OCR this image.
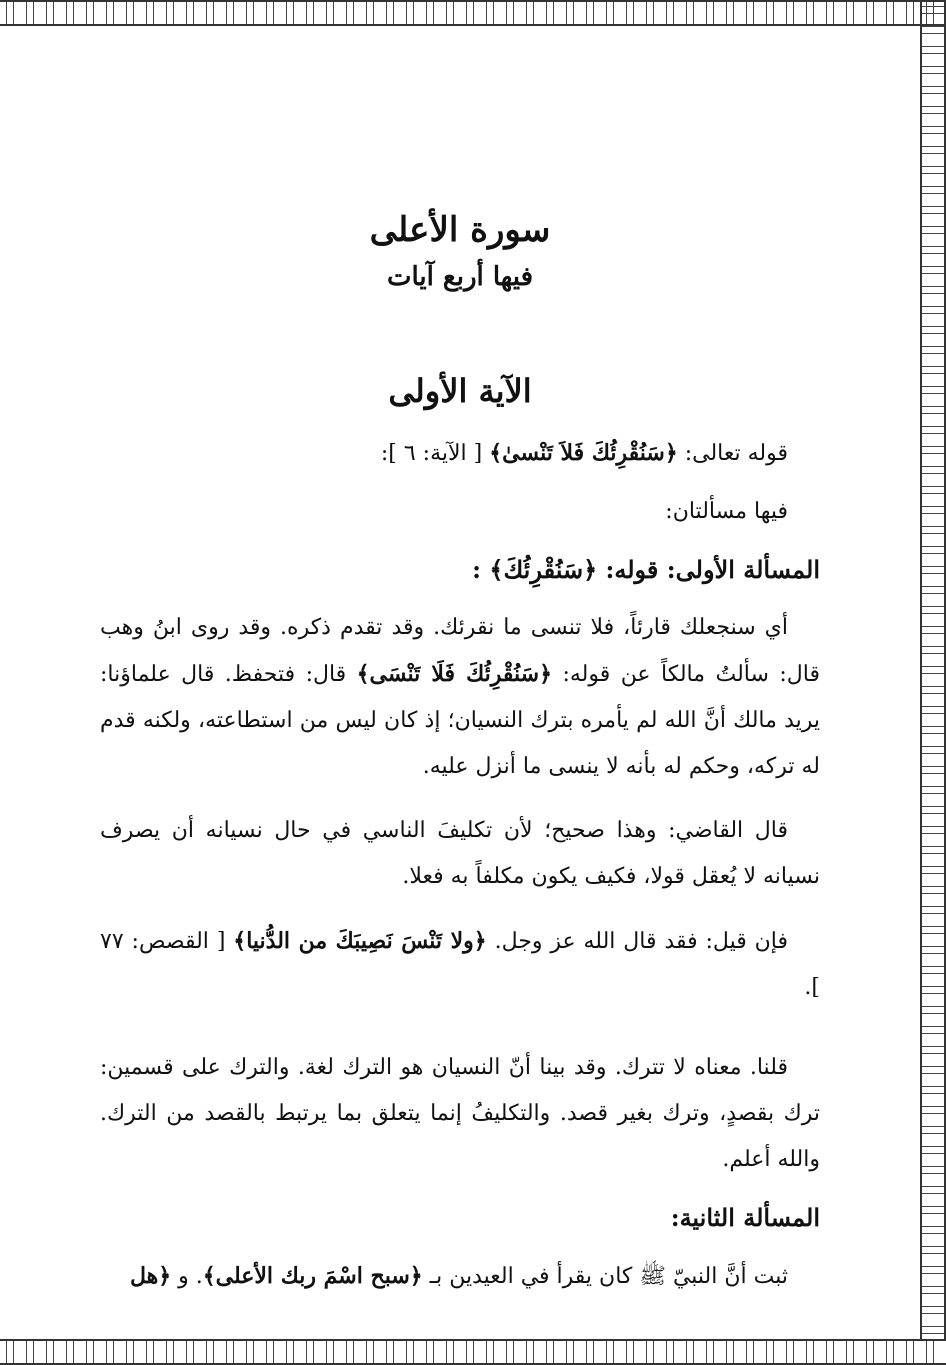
سورة الأعلى
فيها أربع آيات
الآية الأولى

قوله تعالى: ﴿سَنُقْرِئُكَ فَلاَ تَنْسىٰ﴾ [ الآية: ٦ ]:

فيها مسألتان:

المسألة الأولى: قوله: ﴿سَنُقْرِئُكَ﴾ :

أي سنجعلك قارئاً، فلا تنسى ما نقرئك. وقد تقدم ذكره. وقد روى ابنُ وهب قال: سألتُ مالكاً عن قوله: ﴿سَنُقْرِئُكَ فَلَا تَنْسَى﴾ قال: فتحفظ. قال علماؤنا: يريد مالك أنَّ الله لم يأمره بترك النسيان؛ إذ كان ليس من استطاعته، ولكنه قدم له تركه، وحكم له بأنه لا ينسى ما أنزل عليه.

قال القاضي: وهذا صحيح؛ لأن تكليفَ الناسي في حال نسيانه أن يصرف نسيانه لا يُعقل قولا، فكيف يكون مكلفاً به فعلا.

فإن قيل: فقد قال الله عز وجل. ﴿ولا تَنْسَ نَصِيبَكَ من الدُّنيا﴾ [ القصص: ٧٧ ].

قلنا. معناه لا تترك. وقد بينا أنّ النسيان هو الترك لغة. والترك على قسمين: ترك بقصدٍ، وترك بغير قصد. والتكليفُ إنما يتعلق بما يرتبط بالقصد من الترك. والله أعلم.

المسألة الثانية:

ثبت أنَّ النبيّ ﷺ كان يقرأ في العيدين بـ ﴿سبح اسْمَ ربك الأعلى﴾. و ﴿هل
